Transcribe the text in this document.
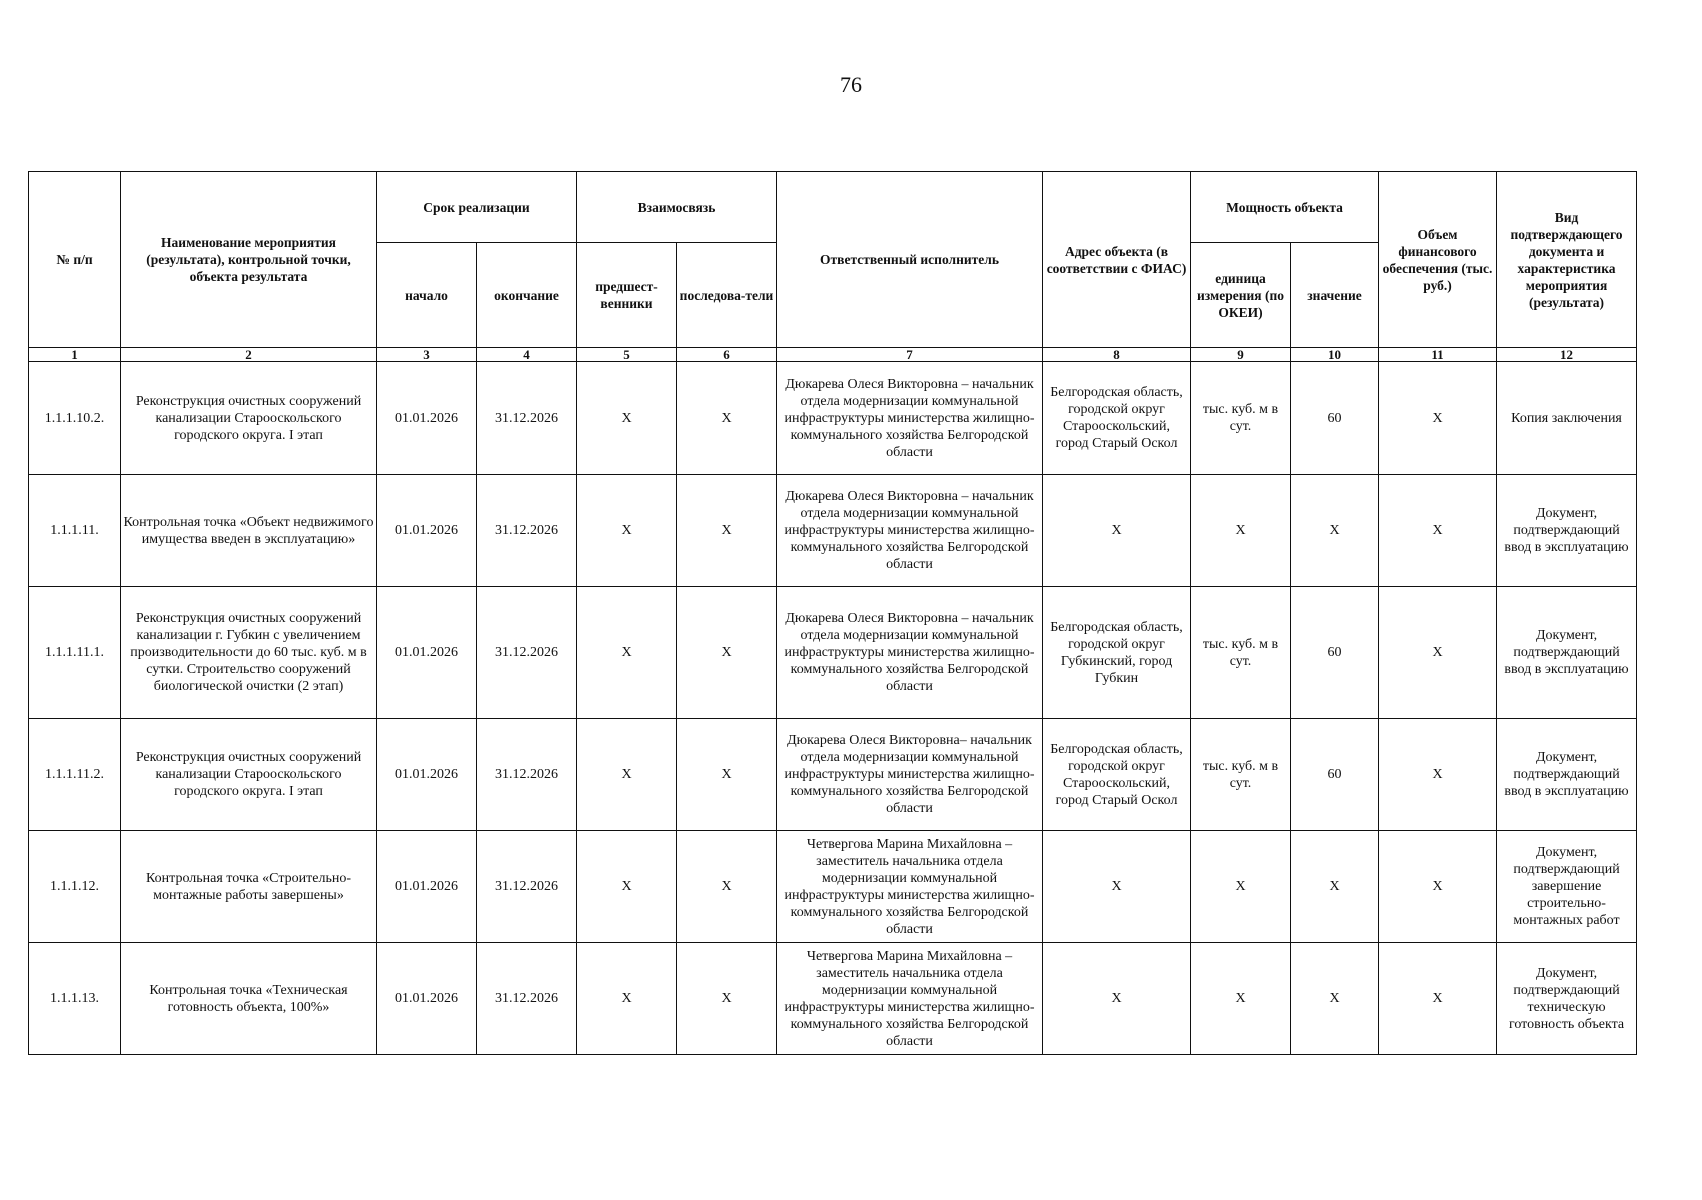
76
№ п/п	Наименование мероприятия (результата), контрольной точки, объекта результата	Срок реализации		Взаимосвязь		Ответственный исполнитель	Адрес объекта (в соответствии с ФИАС)	Мощность объекта		Объем финансового обеспечения (тыс. руб.)	Вид подтверждающего документа и характеристика мероприятия (результата)
		начало	окончание	предшест-венники	последова-тели			единица измерения (по ОКЕИ)	значение		
1	2	3	4	5	6	7	8	9	10	11	12
1.1.1.10.2.	Реконструкция очистных сооружений канализации Старооскольского городского округа. I этап	01.01.2026	31.12.2026	X	X	Дюкарева Олеся Викторовна – начальник отдела модернизации коммунальной инфраструктуры министерства жилищно-коммунального хозяйства Белгородской области	Белгородская область, городской округ Старооскольский, город Старый Оскол	тыс. куб. м в сут.	60	X	Копия заключения
1.1.1.11.	Контрольная точка «Объект недвижимого имущества введен в эксплуатацию»	01.01.2026	31.12.2026	X	X	Дюкарева Олеся Викторовна – начальник отдела модернизации коммунальной инфраструктуры министерства жилищно-коммунального хозяйства Белгородской области	X	X	X	X	Документ, подтверждающий ввод в эксплуатацию
1.1.1.11.1.	Реконструкция очистных сооружений канализации г. Губкин с увеличением производительности до 60 тыс. куб. м в сутки. Строительство сооружений биологической очистки (2 этап)	01.01.2026	31.12.2026	X	X	Дюкарева Олеся Викторовна – начальник отдела модернизации коммунальной инфраструктуры министерства жилищно-коммунального хозяйства Белгородской области	Белгородская область, городской округ Губкинский, город Губкин	тыс. куб. м в сут.	60	X	Документ, подтверждающий ввод в эксплуатацию
1.1.1.11.2.	Реконструкция очистных сооружений канализации Старооскольского городского округа. I этап	01.01.2026	31.12.2026	X	X	Дюкарева Олеся Викторовна– начальник отдела модернизации коммунальной инфраструктуры министерства жилищно-коммунального хозяйства Белгородской области	Белгородская область, городской округ Старооскольский, город Старый Оскол	тыс. куб. м в сут.	60	X	Документ, подтверждающий ввод в эксплуатацию
1.1.1.12.	Контрольная точка «Строительно-монтажные работы завершены»	01.01.2026	31.12.2026	X	X	Четвергова Марина Михайловна – заместитель начальника отдела модернизации коммунальной инфраструктуры министерства жилищно-коммунального хозяйства Белгородской области	X	X	X	X	Документ, подтверждающий завершение строительно-монтажных работ
1.1.1.13.	Контрольная точка «Техническая готовность объекта, 100%»	01.01.2026	31.12.2026	X	X	Четвергова Марина Михайловна – заместитель начальника отдела модернизации коммунальной инфраструктуры министерства жилищно-коммунального хозяйства Белгородской области	X	X	X	X	Документ, подтверждающий техническую готовность объекта
